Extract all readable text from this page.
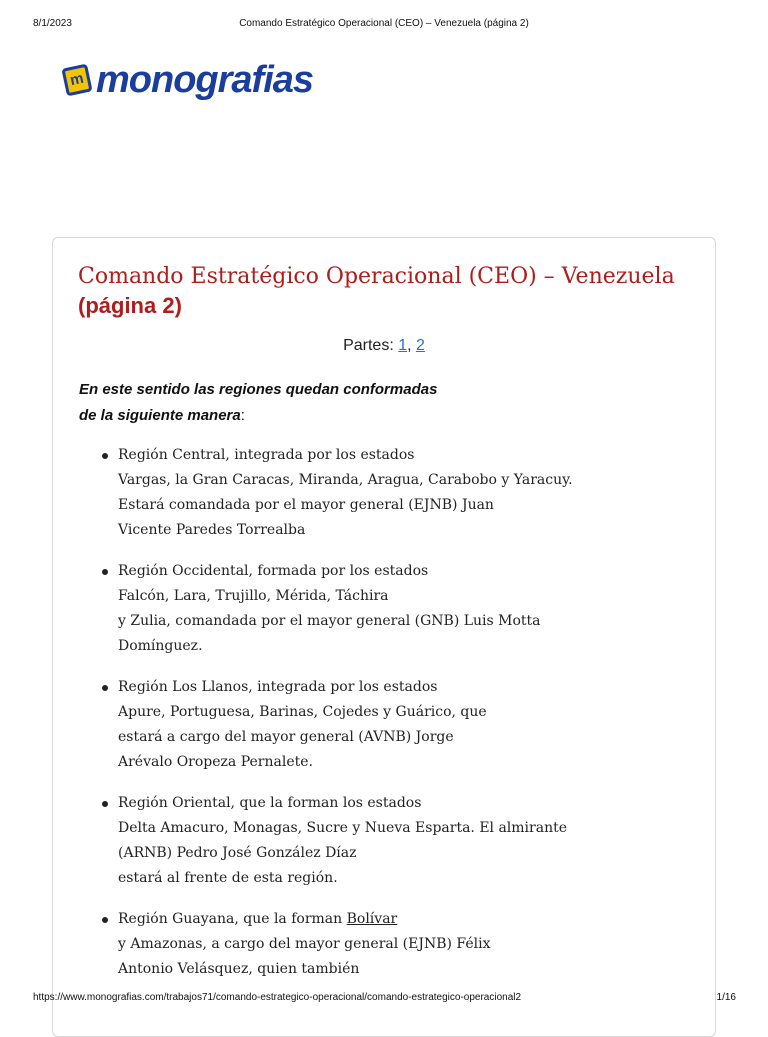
8/1/2023	Comando Estratégico Operacional (CEO) – Venezuela (página 2)
m monografias
Comando Estratégico Operacional (CEO) – Venezuela
(página 2)
Partes: 1, 2

En este sentido las regiones quedan conformadas
de la siguiente manera:

Región Central, integrada por los estados
Vargas, la Gran Caracas, Miranda, Aragua, Carabobo y Yaracuy.
Estará comandada por el mayor general (EJNB) Juan
Vicente Paredes Torrealba
Región Occidental, formada por los estados
Falcón, Lara, Trujillo, Mérida, Táchira
y Zulia, comandada por el mayor general (GNB) Luis Motta
Domínguez.
Región Los Llanos, integrada por los estados
Apure, Portuguesa, Barinas, Cojedes y Guárico, que
estará a cargo del mayor general (AVNB) Jorge
Arévalo Oropeza Pernalete.
Región Oriental, que la forman los estados
Delta Amacuro, Monagas, Sucre y Nueva Esparta. El almirante
(ARNB) Pedro José González Díaz
estará al frente de esta región.
Región Guayana, que la forman Bolívar
y Amazonas, a cargo del mayor general (EJNB) Félix
Antonio Velásquez, quien también
https://www.monografias.com/trabajos71/comando-estrategico-operacional/comando-estrategico-operacional2	1/16
